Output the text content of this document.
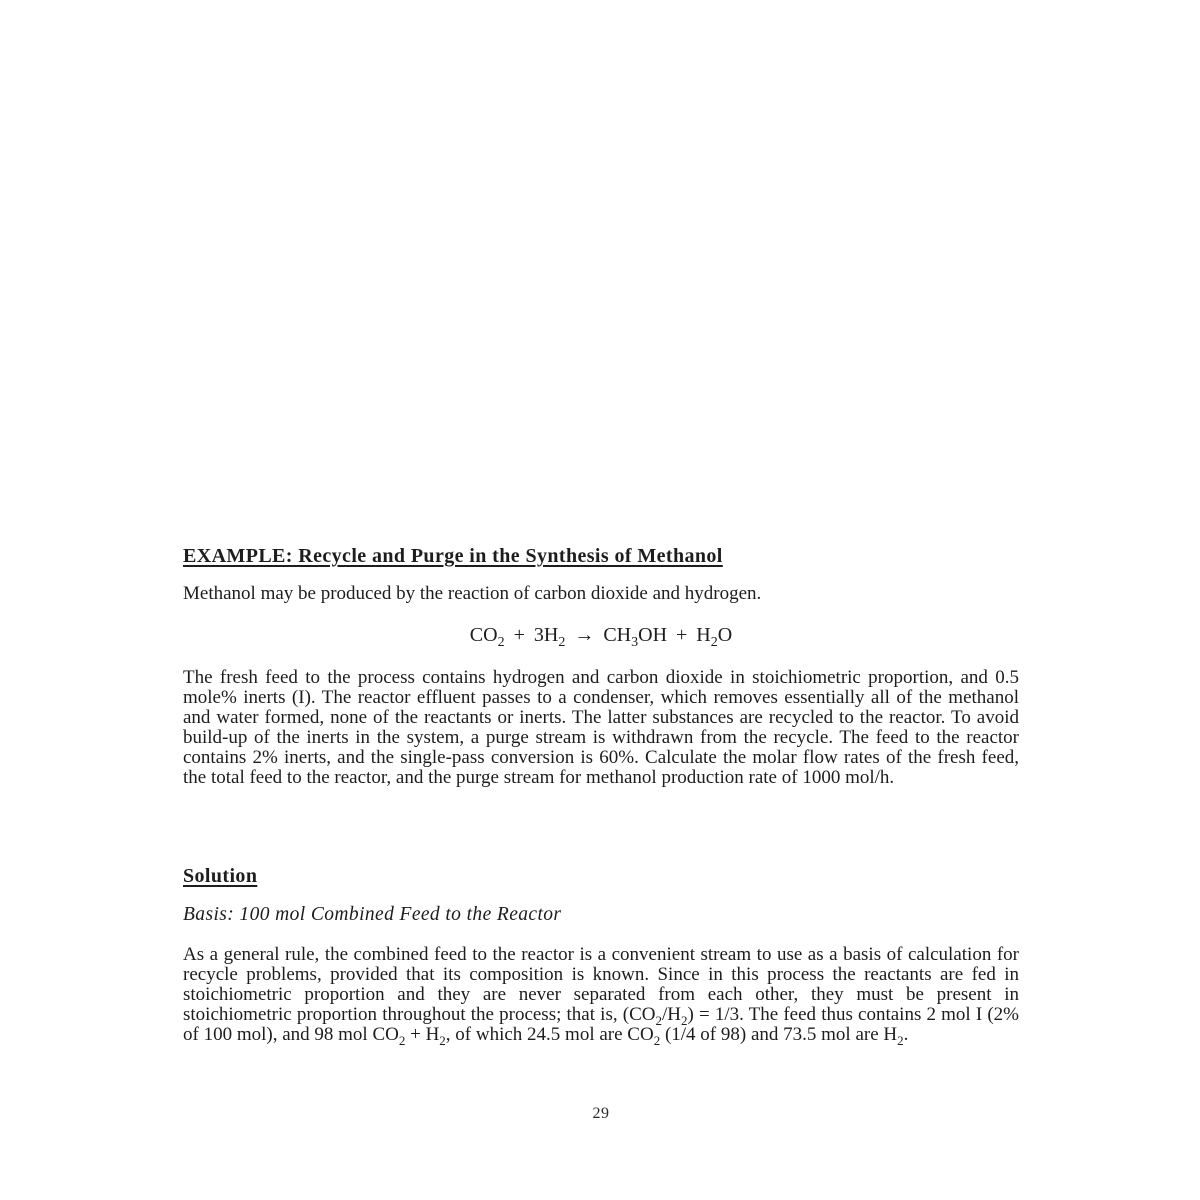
EXAMPLE: Recycle and Purge in the Synthesis of Methanol

Methanol may be produced by the reaction of carbon dioxide and hydrogen.

$CO_2 + 3H_2 \to CH_3OH + H_2O$

The fresh feed to the process contains hydrogen and carbon dioxide in stoichiometric proportion, and 0.5 mole% inerts (I). The reactor effluent passes to a condenser, which removes essentially all of the methanol and water formed, none of the reactants or inerts. The latter substances are recycled to the reactor. To avoid build-up of the inerts in the system, a purge stream is withdrawn from the recycle. The feed to the reactor contains 2% inerts, and the single-pass conversion is 60%. Calculate the molar flow rates of the fresh feed, the total feed to the reactor, and the purge stream for methanol production rate of 1000 mol/h.

Solution

Basis: 100 mol Combined Feed to the Reactor

As a general rule, the combined feed to the reactor is a convenient stream to use as a basis of calculation for recycle problems, provided that its composition is known. Since in this process the reactants are fed in stoichiometric proportion and they are never separated from each other, they must be present in stoichiometric proportion throughout the process; that is, $(CO_2/H_2) = 1/3$. The feed thus contains 2 mol I (2% of 100 mol), and 98 mol $CO_2 + H_2$, of which 24.5 mol are $CO_2$ (1/4 of 98) and 73.5 mol are $H_2$.

29
